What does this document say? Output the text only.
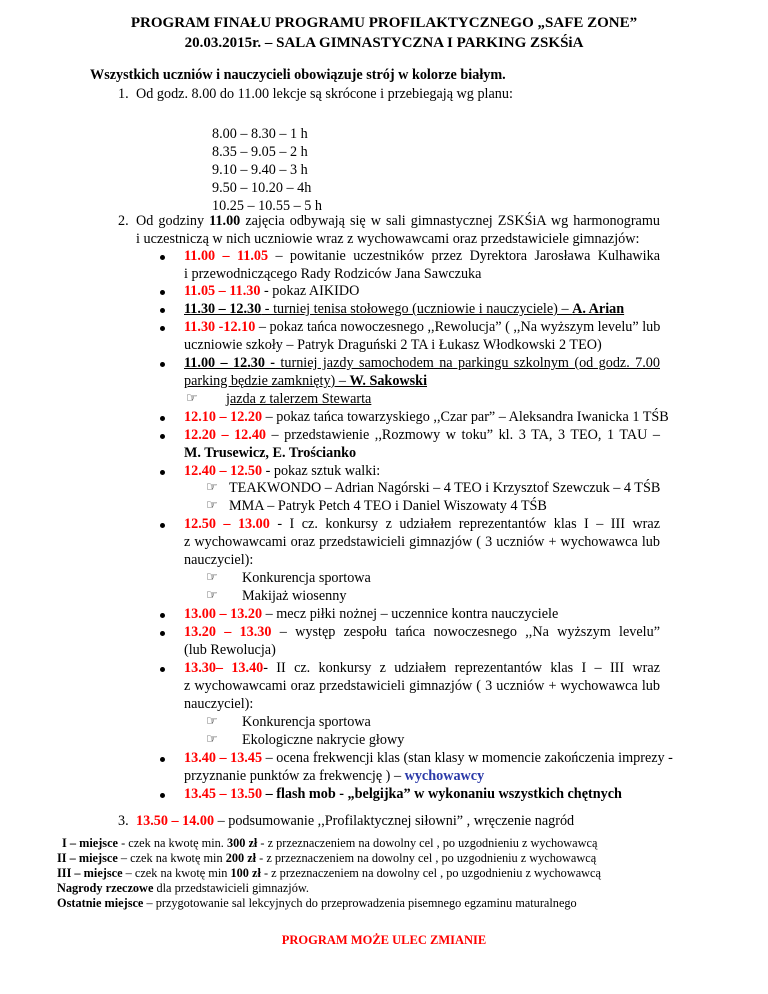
PROGRAM FINAŁU PROGRAMU PROFILAKTYCZNEGO „SAFE ZONE”
20.03.2015r. – SALA GIMNASTYCZNA I PARKING ZSKŚiA
Wszystkich uczniów i nauczycieli obowiązuje strój w kolorze białym.
1. Od godz. 8.00 do 11.00 lekcje są skrócone i przebiegają wg planu:
8.00 – 8.30 – 1 h
8.35 – 9.05 – 2 h
9.10 – 9.40 – 3 h
9.50 – 10.20 – 4h
10.25 – 10.55 – 5 h
2. Od godziny 11.00 zajęcia odbywają się w sali gimnastycznej ZSKŚiA wg harmonogramu
i uczestniczą w nich uczniowie wraz z wychowawcami oraz przedstawiciele gimnazjów:
11.00 – 11.05 – powitanie uczestników przez Dyrektora Jarosława Kulhawika
i przewodniczącego Rady Rodziców Jana Sawczuka
11.05 – 11.30 - pokaz AIKIDO
11.30 – 12.30 - turniej tenisa stołowego (uczniowie i nauczyciele) – A. Arian
11.30 -12.10 – pokaz tańca nowoczesnego ,,Rewolucja” ( ,,Na wyższym levelu” lub
uczniowie szkoły – Patryk Draguński 2 TA i Łukasz Włodkowski 2 TEO)
11.00 – 12.30 - turniej jazdy samochodem na parkingu szkolnym (od godz. 7.00
parking będzie zamknięty) – W. Sakowski
☞ jazda z talerzem Stewarta
12.10 – 12.20 – pokaz tańca towarzyskiego ,,Czar par” – Aleksandra Iwanicka 1 TŚB
12.20 – 12.40 – przedstawienie ,,Rozmowy w toku” kl. 3 TA, 3 TEO, 1 TAU –
M. Trusewicz, E. Trościanko
12.40 – 12.50 - pokaz sztuk walki:
☞ TEAKWONDO – Adrian Nagórski – 4 TEO i Krzysztof Szewczuk – 4 TŚB
☞ MMA – Patryk Petch 4 TEO i Daniel Wiszowaty 4 TŚB
12.50 – 13.00 - I cz. konkursy z udziałem reprezentantów klas I – III wraz
z wychowawcami oraz przedstawicieli gimnazjów ( 3 uczniów + wychowawca lub
nauczyciel):
☞ Konkurencja sportowa
☞ Makijaż wiosenny
13.00 – 13.20 – mecz piłki nożnej – uczennice kontra nauczyciele
13.20 – 13.30 – występ zespołu tańca nowoczesnego ,,Na wyższym levelu”
(lub Rewolucja)
13.30– 13.40- II cz. konkursy z udziałem reprezentantów klas I – III wraz
z wychowawcami oraz przedstawicieli gimnazjów ( 3 uczniów + wychowawca lub
nauczyciel):
☞ Konkurencja sportowa
☞ Ekologiczne nakrycie głowy
13.40 – 13.45 – ocena frekwencji klas (stan klasy w momencie zakończenia imprezy -
przyznanie punktów za frekwencję ) – wychowawcy
13.45 – 13.50 – flash mob - „belgijka” w wykonaniu wszystkich chętnych
3. 13.50 – 14.00 – podsumowanie ,,Profilaktycznej siłowni” , wręczenie nagród
I – miejsce - czek na kwotę min. 300 zł - z przeznaczeniem na dowolny cel , po uzgodnieniu z wychowawcą
II – miejsce – czek na kwotę min 200 zł - z przeznaczeniem na dowolny cel , po uzgodnieniu z wychowawcą
III – miejsce – czek na kwotę min 100 zł - z przeznaczeniem na dowolny cel , po uzgodnieniu z wychowawcą
Nagrody rzeczowe dla przedstawicieli gimnazjów.
Ostatnie miejsce – przygotowanie sal lekcyjnych do przeprowadzenia pisemnego egzaminu maturalnego
PROGRAM MOŻE ULEC ZMIANIE
